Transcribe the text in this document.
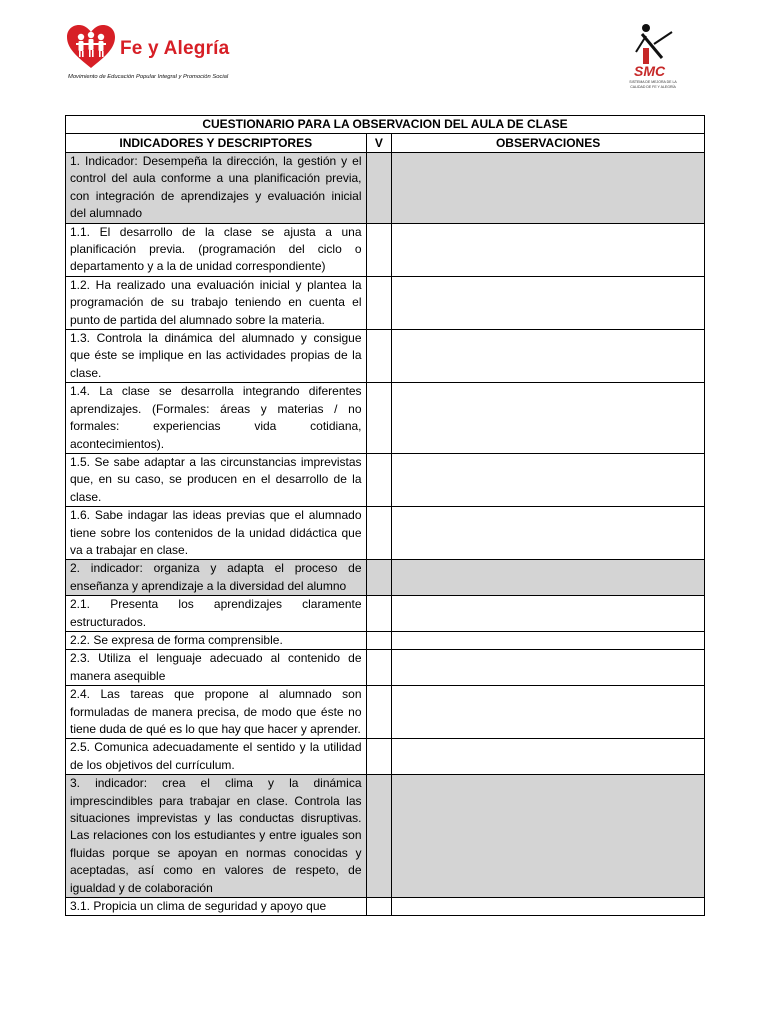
Fe y Alegría
Movimiento de Educación Popular Integral y Promoción Social	SMC
SISTEMA DE MEJORA DE LA CALIDAD DE FE Y ALEGRÍA
CUESTIONARIO PARA LA OBSERVACION DEL AULA DE CLASE		
INDICADORES Y DESCRIPTORES	V	OBSERVACIONES
1. Indicador: Desempeña la dirección, la gestión y el control del aula conforme a una planificación previa, con integración de aprendizajes y evaluación inicial del alumnado		
1.1. El desarrollo de la clase se ajusta a una planificación previa. (programación del ciclo o departamento y a la de unidad correspondiente)		
1.2. Ha realizado una evaluación inicial y plantea la programación de su trabajo teniendo en cuenta el punto de partida del alumnado sobre la materia.		
1.3. Controla la dinámica del alumnado y consigue que éste se implique en las actividades propias de la clase.		
1.4. La clase se desarrolla integrando diferentes aprendizajes. (Formales: áreas y materias / no formales: experiencias vida cotidiana, acontecimientos).		
1.5. Se sabe adaptar a las circunstancias imprevistas que, en su caso, se producen en el desarrollo de la clase.		
1.6. Sabe indagar las ideas previas que el alumnado tiene sobre los contenidos de la unidad didáctica que va a trabajar en clase.		
2. indicador: organiza y adapta el proceso de enseñanza y aprendizaje a la diversidad del alumno		
2.1. Presenta los aprendizajes claramente estructurados.		
2.2. Se expresa de forma comprensible.		
2.3. Utiliza el lenguaje adecuado al contenido de manera asequible		
2.4. Las tareas que propone al alumnado son formuladas de manera precisa, de modo que éste no tiene duda de qué es lo que hay que hacer y aprender.		
2.5. Comunica adecuadamente el sentido y la utilidad de los objetivos del currículum.		
3. indicador: crea el clima y la dinámica imprescindibles para trabajar en clase. Controla las situaciones imprevistas y las conductas disruptivas. Las relaciones con los estudiantes y entre iguales son fluidas porque se apoyan en normas conocidas y aceptadas, así como en valores de respeto, de igualdad y de colaboración		
3.1. Propicia un clima de seguridad y apoyo que		
